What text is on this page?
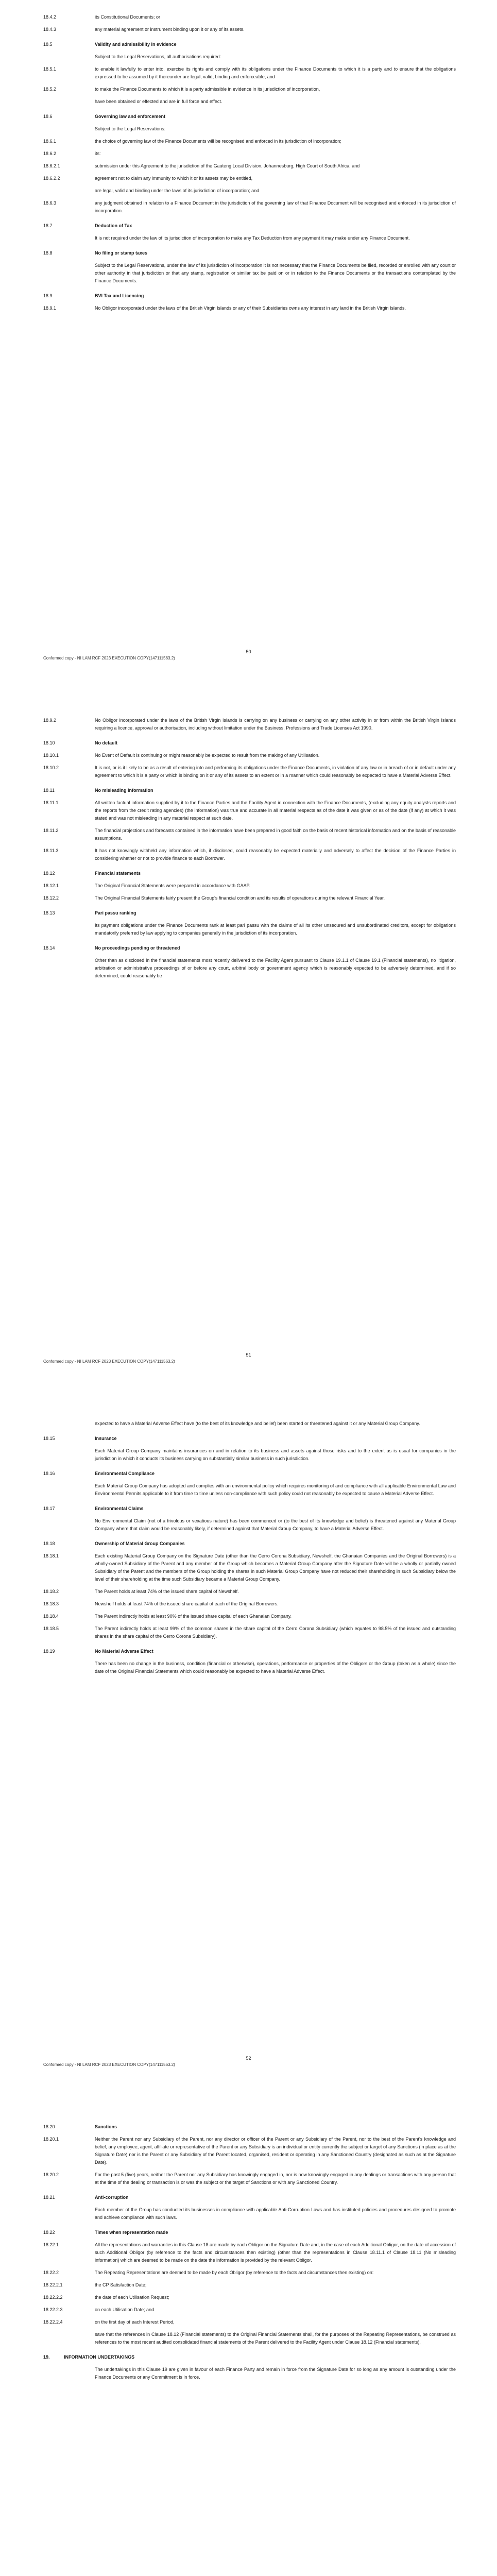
18.4.2	its Constitutional Documents; or
18.4.3	any material agreement or instrument binding upon it or any of its assets.
18.5	Validity and admissibility in evidence
Subject to the Legal Reservations, all authorisations required:
18.5.1	to enable it lawfully to enter into, exercise its rights and comply with its obligations under the Finance Documents to which it is a party and to ensure that the obligations expressed to be assumed by it thereunder are legal, valid, binding and enforceable; and
18.5.2	to make the Finance Documents to which it is a party admissible in evidence in its jurisdiction of incorporation,
have been obtained or effected and are in full force and effect.
18.6	Governing law and enforcement
Subject to the Legal Reservations:
18.6.1	the choice of governing law of the Finance Documents will be recognised and enforced in its jurisdiction of incorporation;
18.6.2	its:
18.6.2.1	submission under this Agreement to the jurisdiction of the Gauteng Local Division, Johannesburg, High Court of South Africa; and
18.6.2.2	agreement not to claim any immunity to which it or its assets may be entitled,
are legal, valid and binding under the laws of its jurisdiction of incorporation; and
18.6.3	any judgment obtained in relation to a Finance Document in the jurisdiction of the governing law of that Finance Document will be recognised and enforced in its jurisdiction of incorporation.
18.7	Deduction of Tax
It is not required under the law of its jurisdiction of incorporation to make any Tax Deduction from any payment it may make under any Finance Document.
18.8	No filing or stamp taxes
Subject to the Legal Reservations, under the law of its jurisdiction of incorporation it is not necessary that the Finance Documents be filed, recorded or enrolled with any court or other authority in that jurisdiction or that any stamp, registration or similar tax be paid on or in relation to the Finance Documents or the transactions contemplated by the Finance Documents.
18.9	BVI Tax and Licencing
18.9.1	No Obligor incorporated under the laws of the British Virgin Islands or any of their Subsidiaries owns any interest in any land in the British Virgin Islands.
50
Conformed copy - NI LAM RCF 2023 EXECUTION COPY(147111563.2)
18.9.2	No Obligor incorporated under the laws of the British Virgin Islands is carrying on any business or carrying on any other activity in or from within the British Virgin Islands requiring a licence, approval or authorisation, including without limitation under the Business, Professions and Trade Licenses Act 1990.
18.10	No default
18.10.1	No Event of Default is continuing or might reasonably be expected to result from the making of any Utilisation.
18.10.2	It is not, or is it likely to be as a result of entering into and performing its obligations under the Finance Documents, in violation of any law or in breach of or in default under any agreement to which it is a party or which is binding on it or any of its assets to an extent or in a manner which could reasonably be expected to have a Material Adverse Effect.
18.11	No misleading information
18.11.1	All written factual information supplied by it to the Finance Parties and the Facility Agent in connection with the Finance Documents, (excluding any equity analysts reports and the reports from the credit rating agencies) (the information) was true and accurate in all material respects as of the date it was given or as of the date (if any) at which it was stated and was not misleading in any material respect at such date.
18.11.2	The financial projections and forecasts contained in the information have been prepared in good faith on the basis of recent historical information and on the basis of reasonable assumptions.
18.11.3	It has not knowingly withheld any information which, if disclosed, could reasonably be expected materially and adversely to affect the decision of the Finance Parties in considering whether or not to provide finance to each Borrower.
18.12	Financial statements
18.12.1	The Original Financial Statements were prepared in accordance with GAAP.
18.12.2	The Original Financial Statements fairly present the Group's financial condition and its results of operations during the relevant Financial Year.
18.13	Pari passu ranking
Its payment obligations under the Finance Documents rank at least pari passu with the claims of all its other unsecured and unsubordinated creditors, except for obligations mandatorily preferred by law applying to companies generally in the jurisdiction of its incorporation.
18.14	No proceedings pending or threatened
Other than as disclosed in the financial statements most recently delivered to the Facility Agent pursuant to Clause 19.1.1 of Clause 19.1 (Financial statements), no litigation, arbitration or administrative proceedings of or before any court, arbitral body or government agency which is reasonably expected to be adversely determined, and if so determined, could reasonably be
51
Conformed copy - NI LAM RCF 2023 EXECUTION COPY(147111563.2)
expected to have a Material Adverse Effect have (to the best of its knowledge and belief) been started or threatened against it or any Material Group Company.
18.15	Insurance
Each Material Group Company maintains insurances on and in relation to its business and assets against those risks and to the extent as is usual for companies in the jurisdiction in which it conducts its business carrying on substantially similar business in such jurisdiction.
18.16	Environmental Compliance
Each Material Group Company has adopted and complies with an environmental policy which requires monitoring of and compliance with all applicable Environmental Law and Environmental Permits applicable to it from time to time unless non-compliance with such policy could not reasonably be expected to cause a Material Adverse Effect.
18.17	Environmental Claims
No Environmental Claim (not of a frivolous or vexatious nature) has been commenced or (to the best of its knowledge and belief) is threatened against any Material Group Company where that claim would be reasonably likely, if determined against that Material Group Company, to have a Material Adverse Effect.
18.18	Ownership of Material Group Companies
18.18.1	Each existing Material Group Company on the Signature Date (other than the Cerro Corona Subsidiary, Newshelf, the Ghanaian Companies and the Original Borrowers) is a wholly-owned Subsidiary of the Parent and any member of the Group which becomes a Material Group Company after the Signature Date will be a wholly or partially owned Subsidiary of the Parent and the members of the Group holding the shares in such Material Group Company have not reduced their shareholding in such Subsidiary below the level of their shareholding at the time such Subsidiary became a Material Group Company.
18.18.2	The Parent holds at least 74% of the issued share capital of Newshelf.
18.18.3	Newshelf holds at least 74% of the issued share capital of each of the Original Borrowers.
18.18.4	The Parent indirectly holds at least 90% of the issued share capital of each Ghanaian Company.
18.18.5	The Parent indirectly holds at least 99% of the common shares in the share capital of the Cerro Corona Subsidiary (which equates to 98.5% of the issued and outstanding shares in the share capital of the Cerro Corona Subsidiary).
18.19	No Material Adverse Effect
There has been no change in the business, condition (financial or otherwise), operations, performance or properties of the Obligors or the Group (taken as a whole) since the date of the Original Financial Statements which could reasonably be expected to have a Material Adverse Effect.
52
Conformed copy - NI LAM RCF 2023 EXECUTION COPY(147111563.2)
18.20	Sanctions
18.20.1	Neither the Parent nor any Subsidiary of the Parent, nor any director or officer of the Parent or any Subsidiary of the Parent, nor to the best of the Parent's knowledge and belief, any employee, agent, affiliate or representative of the Parent or any Subsidiary is an individual or entity currently the subject or target of any Sanctions (in place as at the Signature Date) nor is the Parent or any Subsidiary of the Parent located, organised, resident or operating in any Sanctioned Country (designated as such as at the Signature Date).
18.20.2	For the past 5 (five) years, neither the Parent nor any Subsidiary has knowingly engaged in, nor is now knowingly engaged in any dealings or transactions with any person that at the time of the dealing or transaction is or was the subject or the target of Sanctions or with any Sanctioned Country.
18.21	Anti-corruption
Each member of the Group has conducted its businesses in compliance with applicable Anti-Corruption Laws and has instituted policies and procedures designed to promote and achieve compliance with such laws.
18.22	Times when representation made
18.22.1	All the representations and warranties in this Clause 18 are made by each Obligor on the Signature Date and, in the case of each Additional Obligor, on the date of accession of such Additional Obligor (by reference to the facts and circumstances then existing) (other than the representations in Clause 18.11.1 of Clause 18.11 (No misleading information) which are deemed to be made on the date the information is provided by the relevant Obligor.
18.22.2	The Repeating Representations are deemed to be made by each Obligor (by reference to the facts and circumstances then existing) on:
18.22.2.1	the CP Satisfaction Date;
18.22.2.2	the date of each Utilisation Request;
18.22.2.3	on each Utilisation Date; and
18.22.2.4	on the first day of each Interest Period,
save that the references in Clause 18.12 (Financial statements) to the Original Financial Statements shall, for the purposes of the Repeating Representations, be construed as references to the most recent audited consolidated financial statements of the Parent delivered to the Facility Agent under Clause 18.12 (Financial statements).
19.	INFORMATION UNDERTAKINGS
The undertakings in this Clause 19 are given in favour of each Finance Party and remain in force from the Signature Date for so long as any amount is outstanding under the Finance Documents or any Commitment is in force.
